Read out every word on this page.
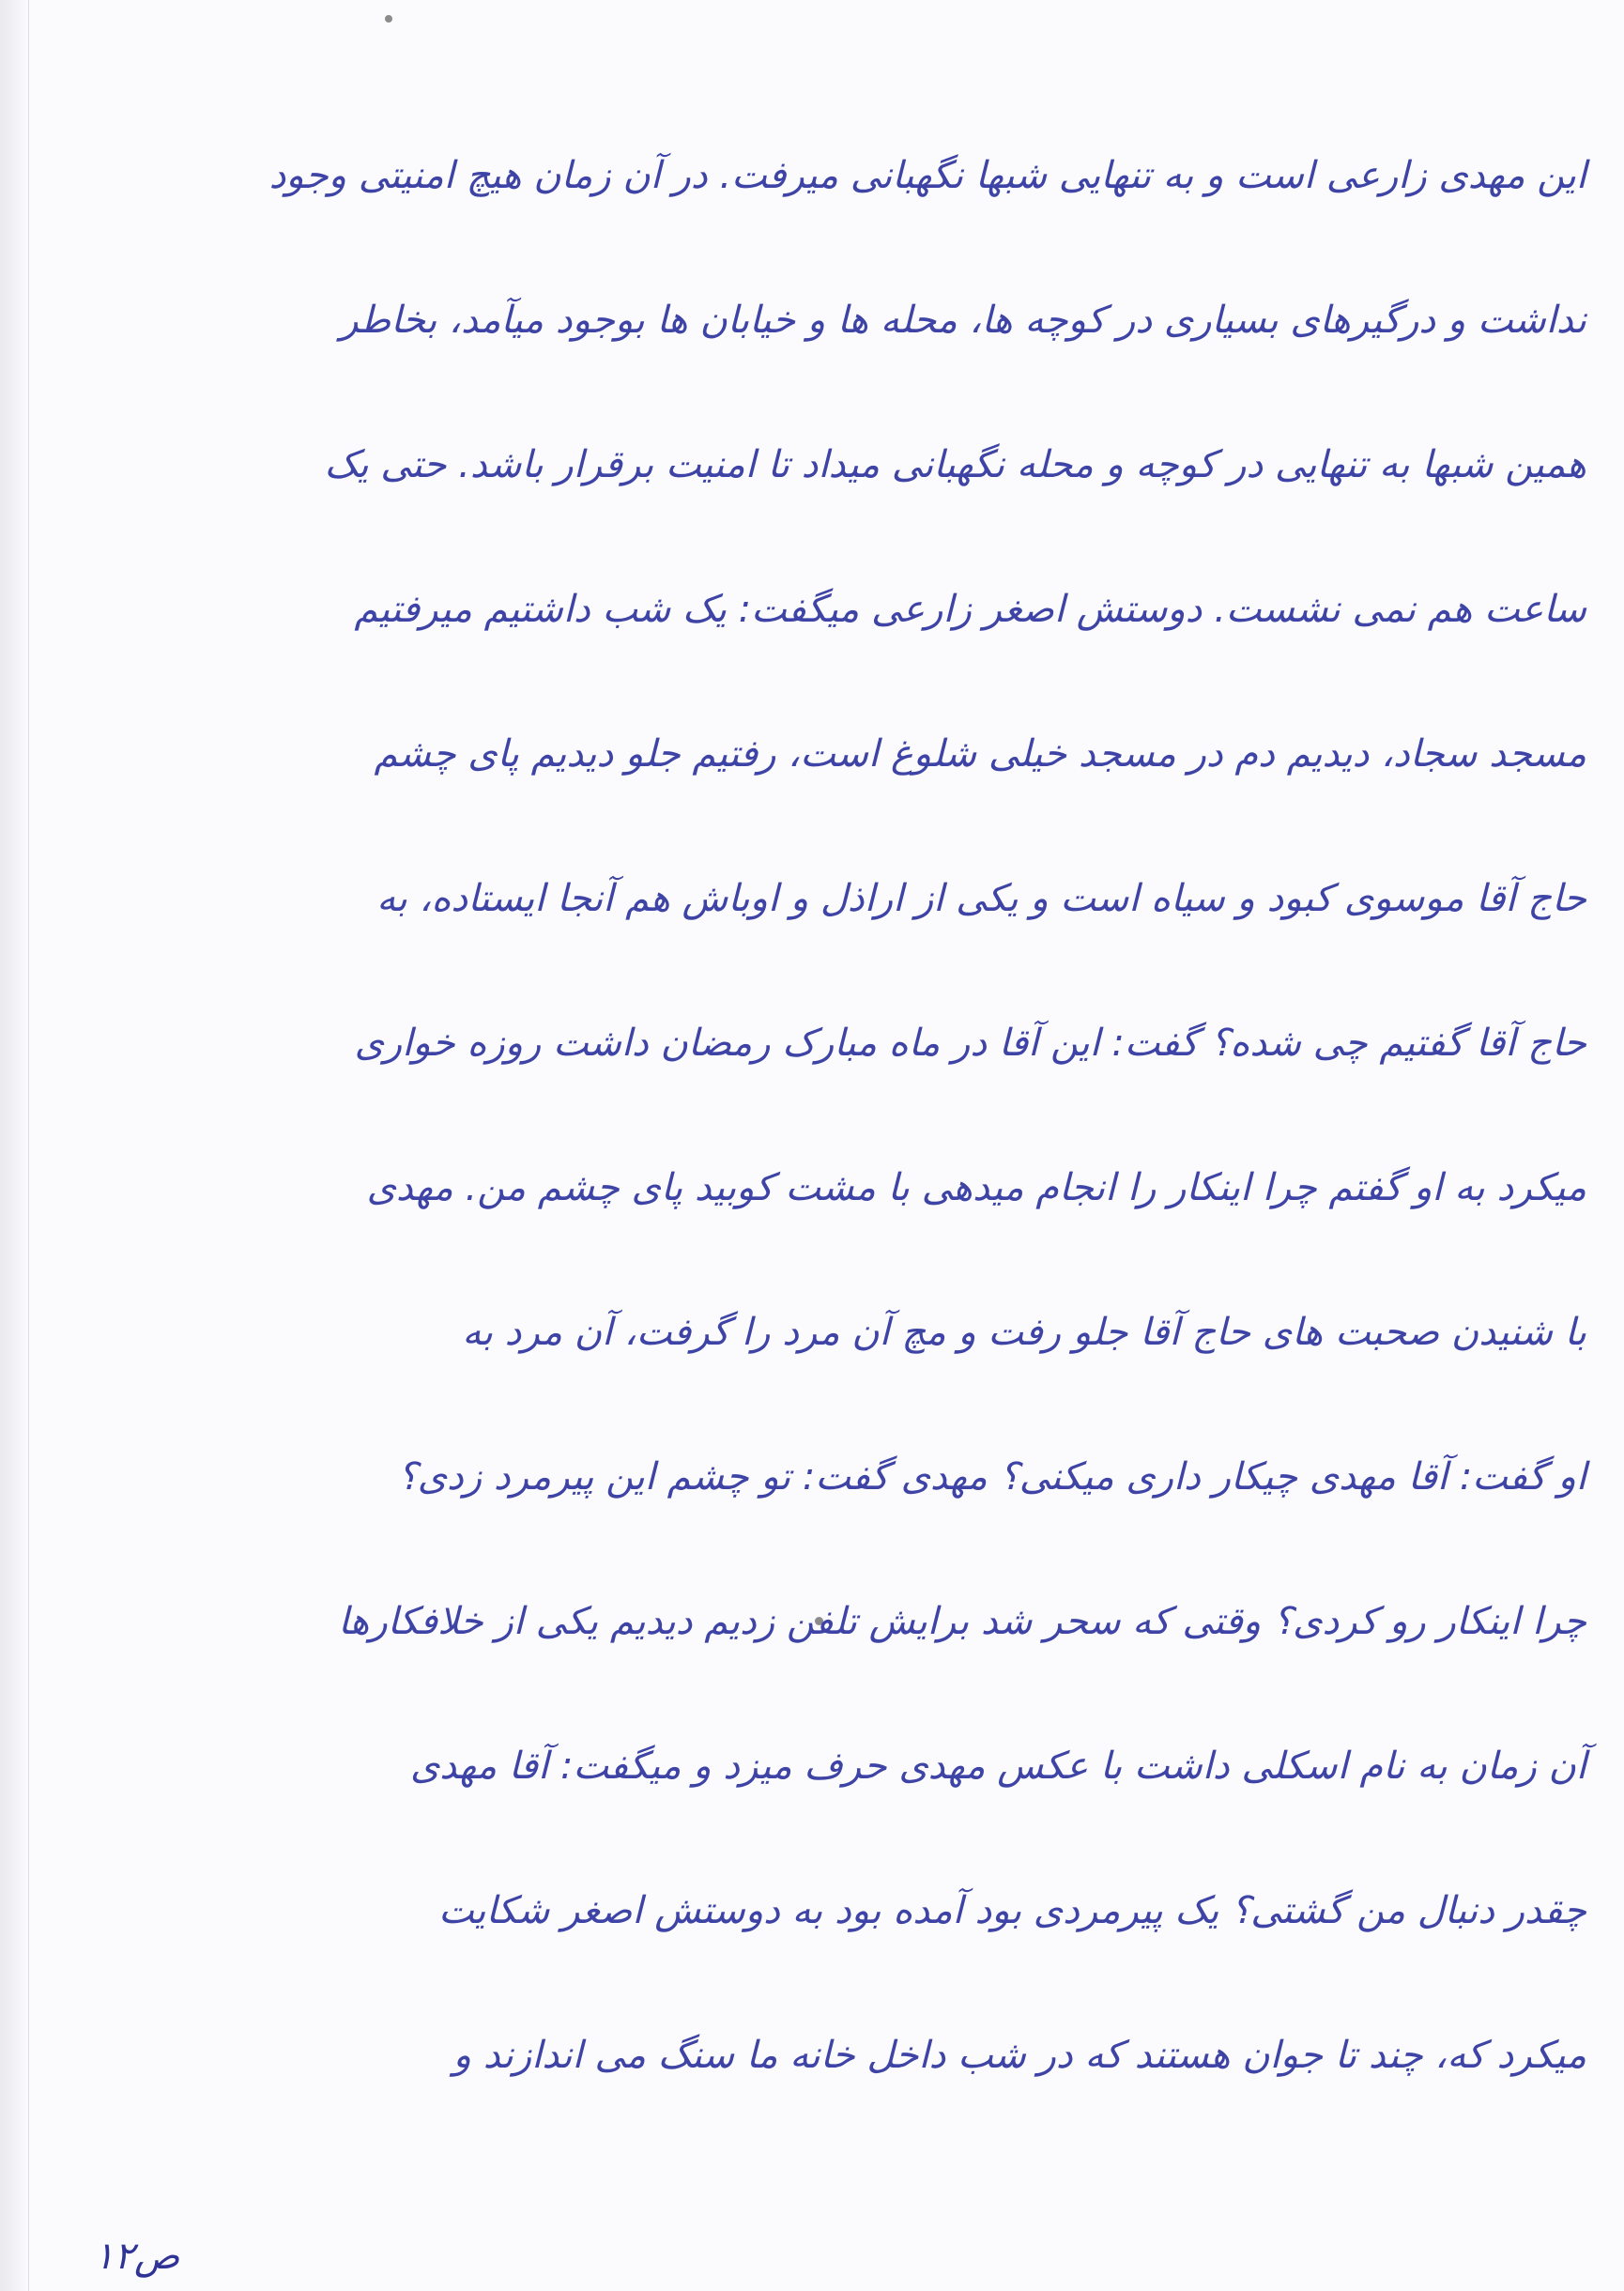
این مهدی زارعی است و به تنهایی شبها نگهبانی میرفت. در آن زمان هیچ امنیتی وجود
نداشت و درگیرهای بسیاری در کوچه ها، محله ها و خیابان ها بوجود میآمد، بخاطر
همین شبها به تنهایی در کوچه و محله نگهبانی میداد تا امنیت برقرار باشد. حتی یک
ساعت هم نمی نشست. دوستش اصغر زارعی میگفت: یک شب داشتیم میرفتیم
مسجد سجاد، دیدیم دم در مسجد خیلی شلوغ است، رفتیم جلو دیدیم پای چشم
حاج آقا موسوی کبود و سیاه است و یکی از اراذل و اوباش هم آنجا ایستاده، به
حاج آقا گفتیم چی شده؟ گفت: این آقا در ماه مبارک رمضان داشت روزه خواری
میکرد به او گفتم چرا اینکار را انجام میدهی با مشت کوبید پای چشم من. مهدی
با شنیدن صحبت های حاج آقا جلو رفت و مچ آن مرد را گرفت، آن مرد به
او گفت: آقا مهدی چیکار داری میکنی؟ مهدی گفت: تو چشم این پیرمرد زدی؟
چرا اینکار رو کردی؟ وقتی که سحر شد برایش تلفن زدیم دیدیم یکی از خلافکارها
آن زمان به نام اسکلی داشت با عکس مهدی حرف میزد و میگفت: آقا مهدی
چقدر دنبال من گشتی؟ یک پیرمردی بود آمده بود به دوستش اصغر شکایت
میکرد که، چند تا جوان هستند که در شب داخل خانه ما سنگ می اندازند و
ص۱۲
